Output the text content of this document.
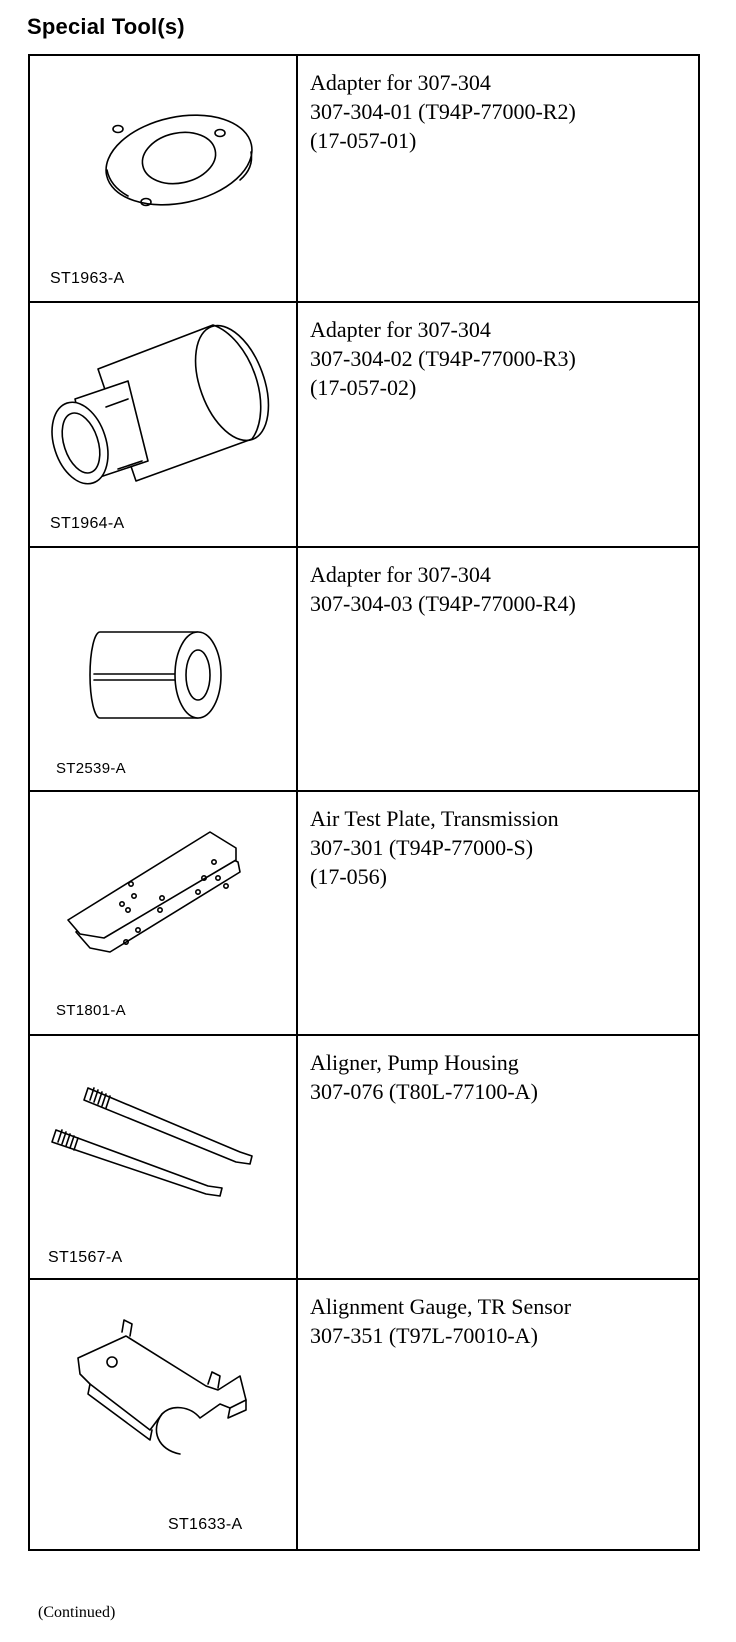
Special Tool(s)
ST1963-A	Adapter for 307-304
307-304-01 (T94P-77000-R2)
(17-057-01)

ST1964-A	Adapter for 307-304
307-304-02 (T94P-77000-R3)
(17-057-02)

ST2539-A	Adapter for 307-304
307-304-03 (T94P-77000-R4)

ST1801-A	Air Test Plate, Transmission
307-301 (T94P-77000-S)
(17-056)

ST1567-A	Aligner, Pump Housing
307-076 (T80L-77100-A)

ST1633-A	Alignment Gauge, TR Sensor
307-351 (T97L-70010-A)
(Continued)
